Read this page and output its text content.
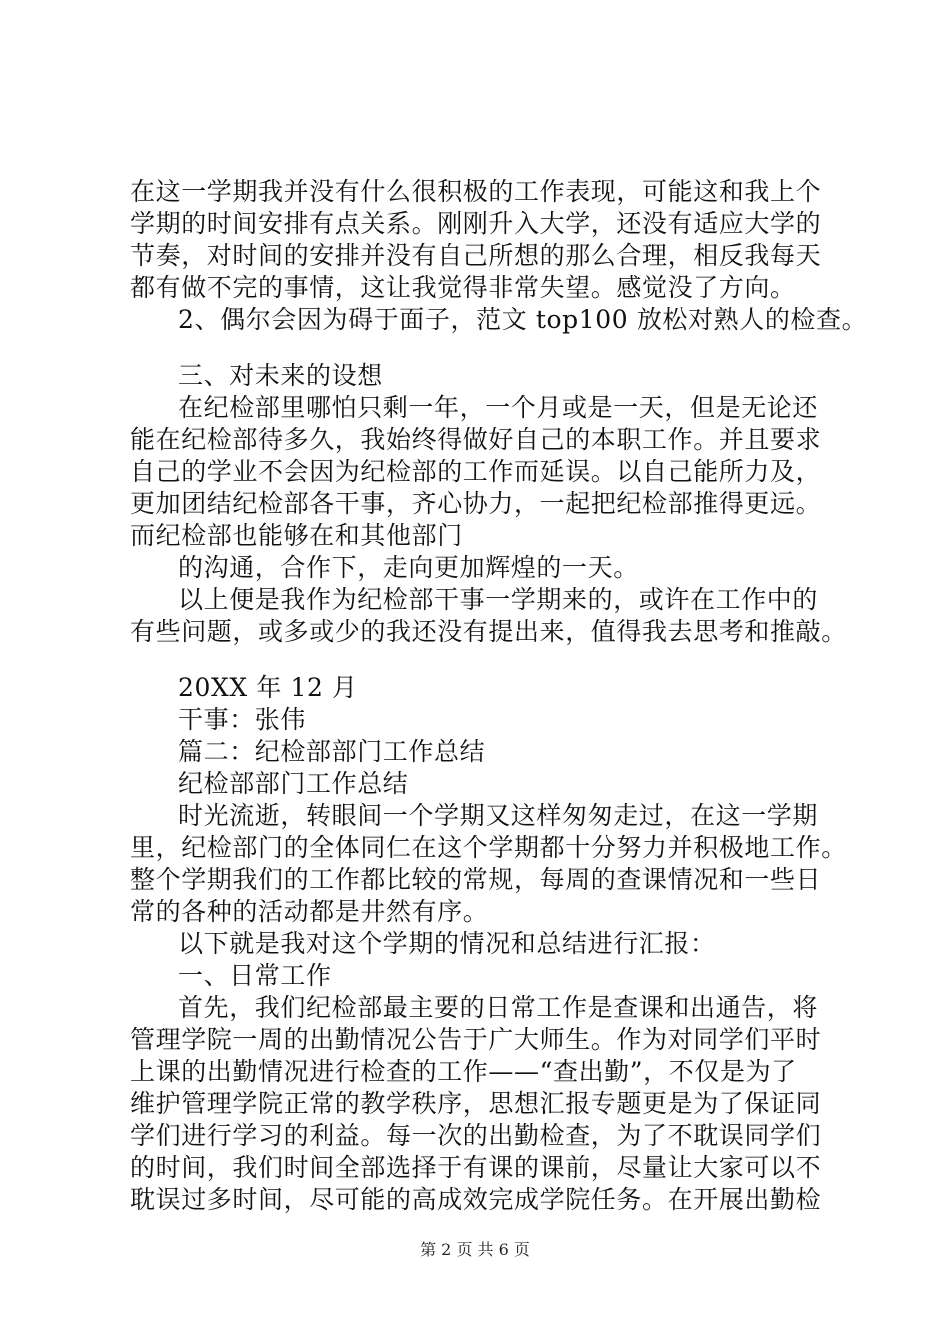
在这一学期我并没有什么很积极的工作表现，可能这和我上个
学期的时间安排有点关系。刚刚升入大学，还没有适应大学的
节奏，对时间的安排并没有自己所想的那么合理，相反我每天
都有做不完的事情，这让我觉得非常失望。感觉没了方向。
2、偶尔会因为碍于面子，范文 top100 放松对熟人的检查。
三、对未来的设想
在纪检部里哪怕只剩一年，一个月或是一天，但是无论还
能在纪检部待多久，我始终得做好自己的本职工作。并且要求
自己的学业不会因为纪检部的工作而延误。以自己能所力及，
更加团结纪检部各干事，齐心协力，一起把纪检部推得更远。
而纪检部也能够在和其他部门
的沟通，合作下，走向更加辉煌的一天。
以上便是我作为纪检部干事一学期来的，或许在工作中的
有些问题，或多或少的我还没有提出来，值得我去思考和推敲。
20XX 年 12 月
干事：张伟
篇二：纪检部部门工作总结
纪检部部门工作总结
时光流逝，转眼间一个学期又这样匆匆走过，在这一学期
里，纪检部门的全体同仁在这个学期都十分努力并积极地工作。
整个学期我们的工作都比较的常规，每周的查课情况和一些日
常的各种的活动都是井然有序。
以下就是我对这个学期的情况和总结进行汇报：
一、日常工作
首先，我们纪检部最主要的日常工作是查课和出通告，将
管理学院一周的出勤情况公告于广大师生。作为对同学们平时
上课的出勤情况进行检查的工作——“查出勤”，不仅是为了
维护管理学院正常的教学秩序，思想汇报专题更是为了保证同
学们进行学习的利益。每一次的出勤检查，为了不耽误同学们
的时间，我们时间全部选择于有课的课前，尽量让大家可以不
耽误过多时间，尽可能的高成效完成学院任务。在开展出勤检
第 2 页 共 6 页
